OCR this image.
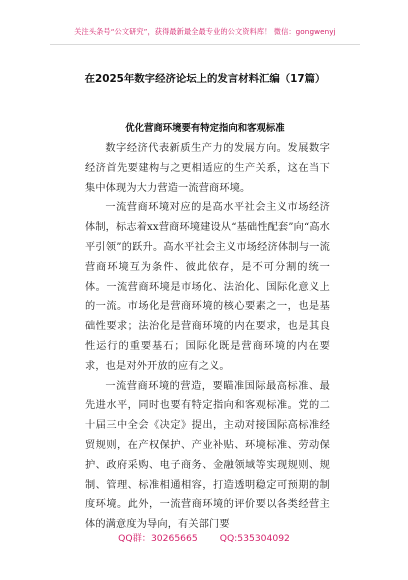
关注头条号“公文研究”，获得最新最全最专业的公文资料库！ 微信：gongwenyj
在2025年数字经济论坛上的发言材料汇编（17篇）
优化营商环境要有特定指向和客观标准

数字经济代表新质生产力的发展方向。发展数字经济首先要建构与之更相适应的生产关系，这在当下集中体现为大力营造一流营商环境。

一流营商环境对应的是高水平社会主义市场经济体制，标志着xx营商环境建设从“基础性配套”向“高水平引领”的跃升。高水平社会主义市场经济体制与一流营商环境互为条件、彼此依存，是不可分割的统一体。一流营商环境是市场化、法治化、国际化意义上的一流。市场化是营商环境的核心要素之一，也是基础性要求；法治化是营商环境的内在要求，也是其良性运行的重要基石；国际化既是营商环境的内在要求，也是对外开放的应有之义。

一流营商环境的营造，要瞄准国际最高标准、最先进水平，同时也要有特定指向和客观标准。党的二十届三中全会《决定》提出，主动对接国际高标准经贸规则，在产权保护、产业补贴、环境标准、劳动保护、政府采购、电子商务、金融领域等实现规则、规制、管理、标准相通相容，打造透明稳定可预期的制度环境。此外，一流营商环境的评价要以各类经营主体的满意度为导向，有关部门要

QQ群：30265665 QQ:535304092
